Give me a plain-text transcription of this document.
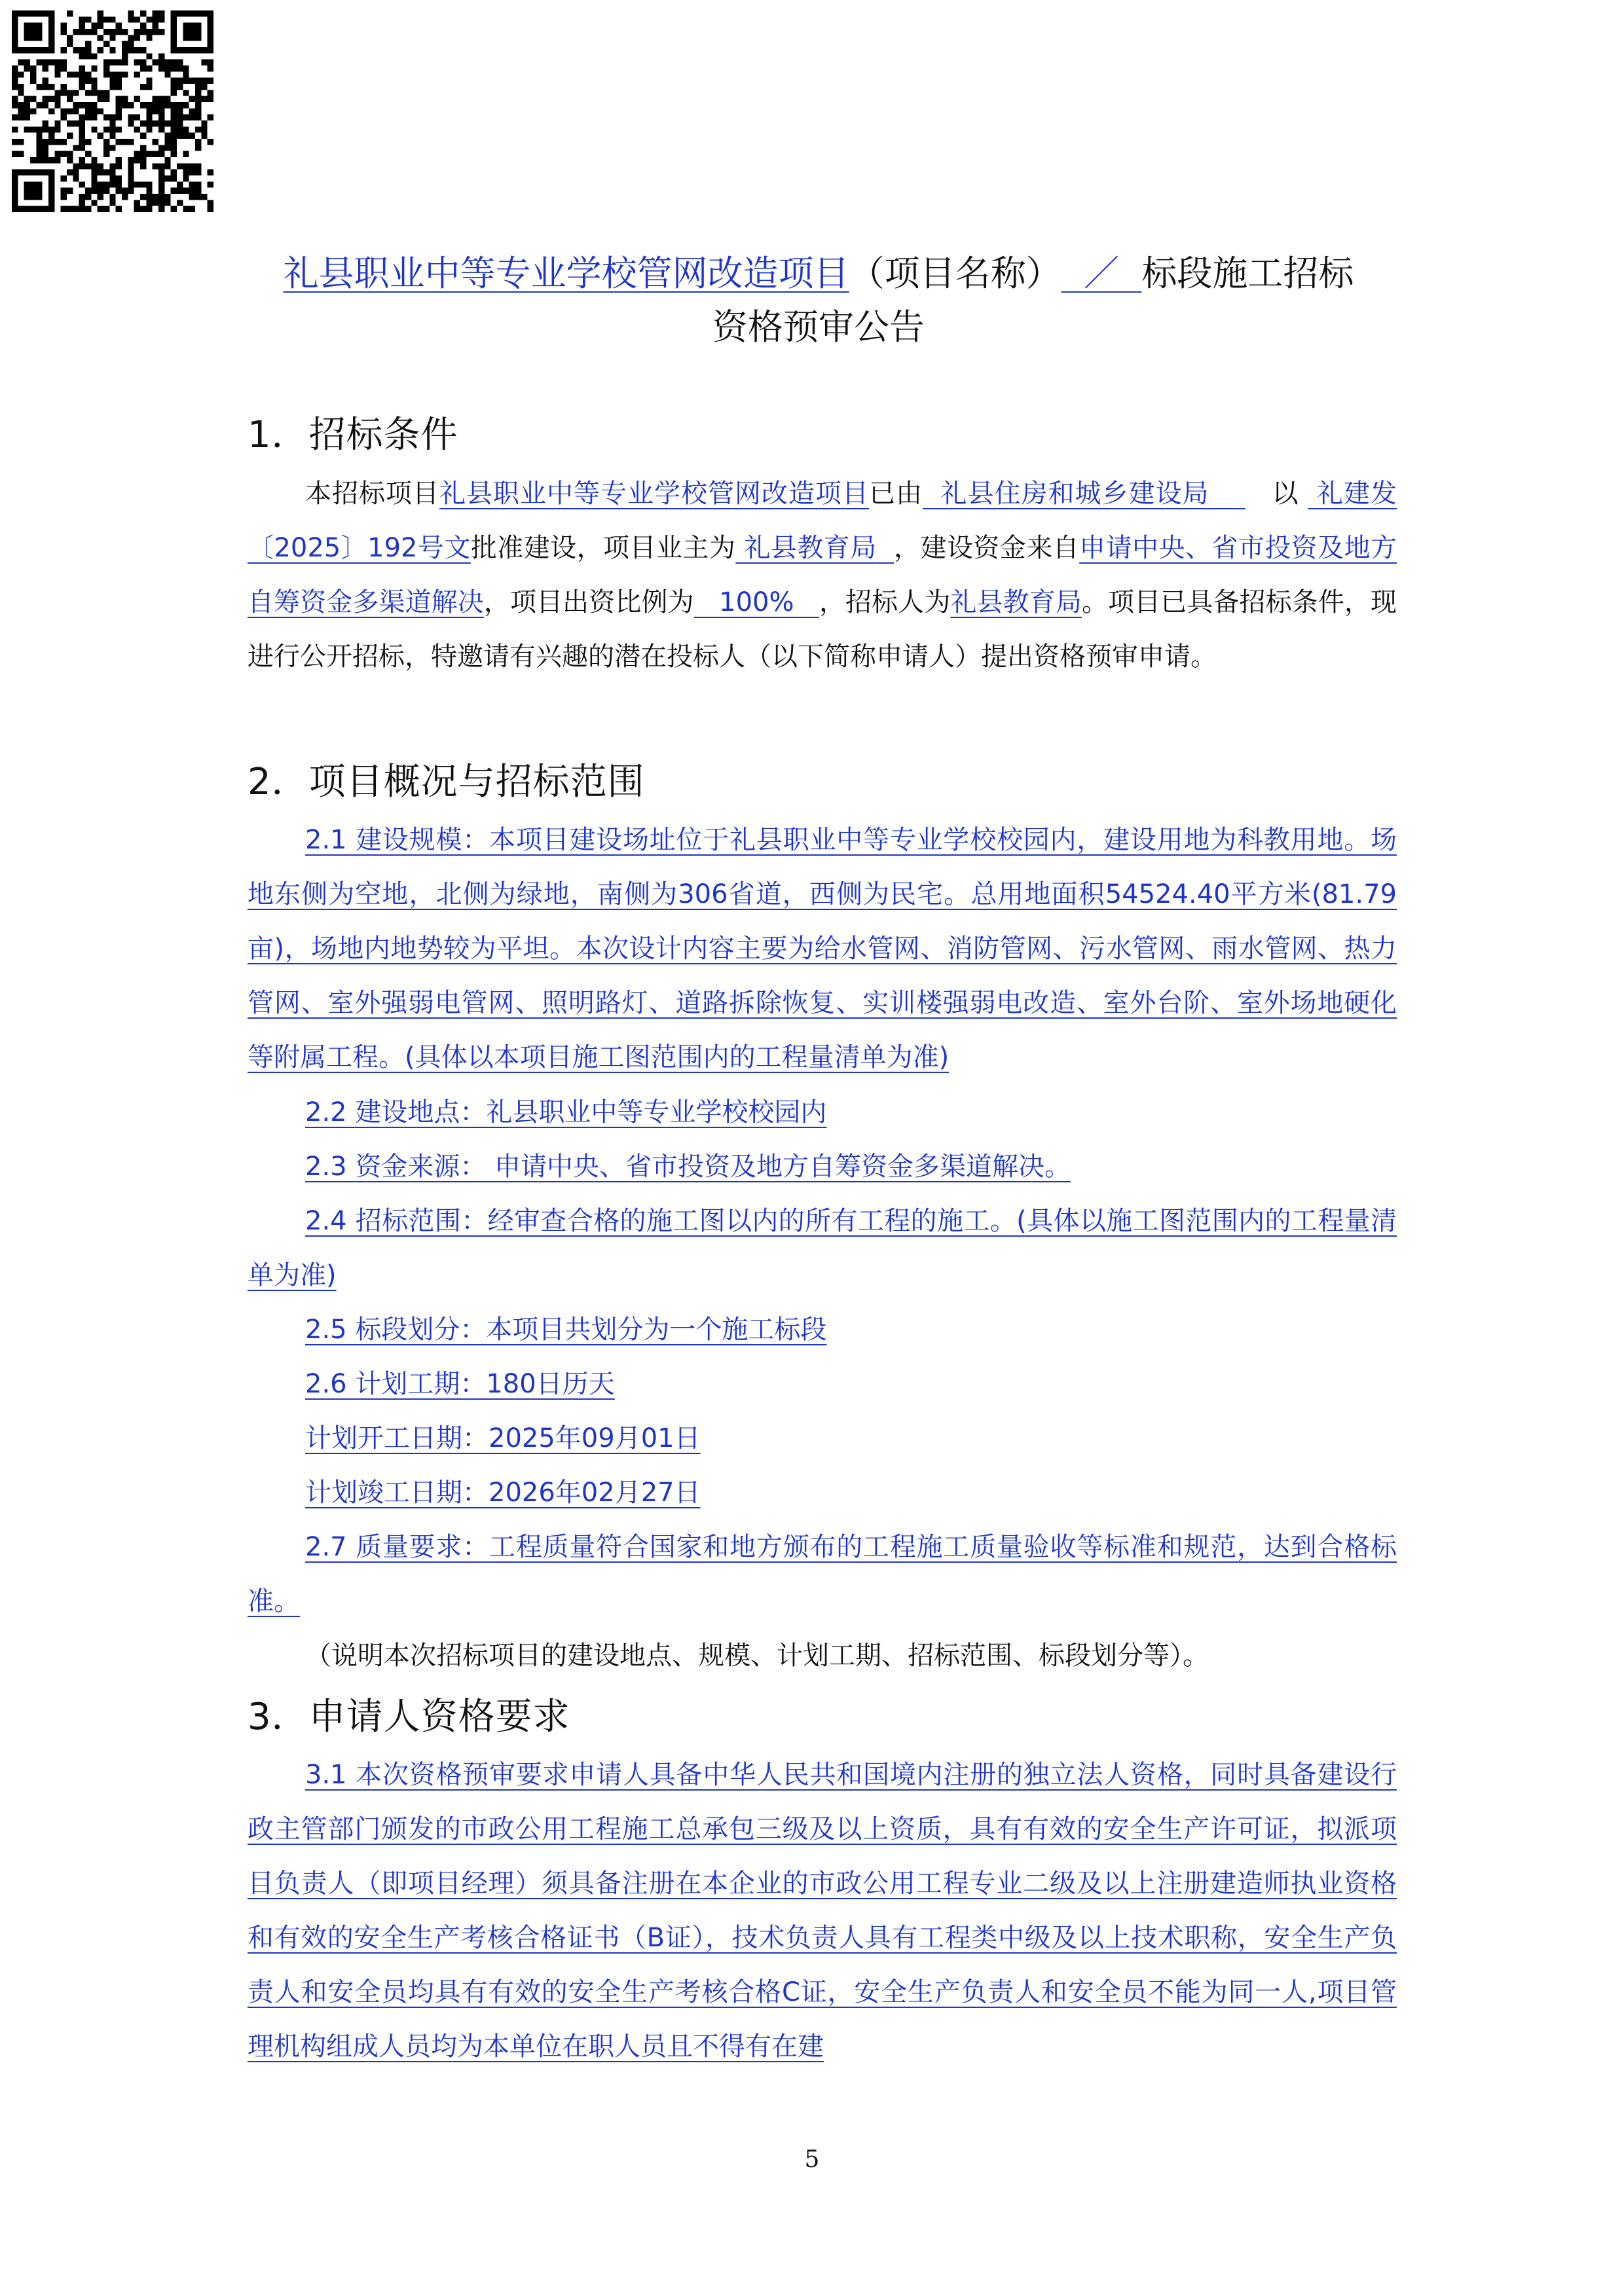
礼县职业中等专业学校管网改造项目（项目名称） ／ 标段施工招标
资格预审公告
1．招标条件
本招标项目礼县职业中等专业学校管网改造项目已由 礼县住房和城乡建设局 以 礼建发〔2025〕192号文批准建设，项目业主为 礼县教育局 ，建设资金来自申请中央、省市投资及地方自筹资金多渠道解决，项目出资比例为 100% ，招标人为礼县教育局。项目已具备招标条件，现进行公开招标，特邀请有兴趣的潜在投标人（以下简称申请人）提出资格预审申请。
2．项目概况与招标范围
2.1 建设规模：本项目建设场址位于礼县职业中等专业学校校园内，建设用地为科教用地。场地东侧为空地，北侧为绿地，南侧为306省道，西侧为民宅。总用地面积54524.40平方米(81.79亩)，场地内地势较为平坦。本次设计内容主要为给水管网、消防管网、污水管网、雨水管网、热力管网、室外强弱电管网、照明路灯、道路拆除恢复、实训楼强弱电改造、室外台阶、室外场地硬化等附属工程。(具体以本项目施工图范围内的工程量清单为准)
2.2 建设地点：礼县职业中等专业学校校园内
2.3 资金来源： 申请中央、省市投资及地方自筹资金多渠道解决。
2.4 招标范围：经审查合格的施工图以内的所有工程的施工。(具体以施工图范围内的工程量清单为准)
2.5 标段划分：本项目共划分为一个施工标段
2.6 计划工期：180日历天
计划开工日期：2025年09月01日
计划竣工日期：2026年02月27日
2.7 质量要求：工程质量符合国家和地方颁布的工程施工质量验收等标准和规范，达到合格标准。
（说明本次招标项目的建设地点、规模、计划工期、招标范围、标段划分等）。
3．申请人资格要求
3.1 本次资格预审要求申请人具备中华人民共和国境内注册的独立法人资格，同时具备建设行政主管部门颁发的市政公用工程施工总承包三级及以上资质，具有有效的安全生产许可证，拟派项目负责人（即项目经理）须具备注册在本企业的市政公用工程专业二级及以上注册建造师执业资格和有效的安全生产考核合格证书（B证），技术负责人具有工程类中级及以上技术职称，安全生产负责人和安全员均具有有效的安全生产考核合格C证，安全生产负责人和安全员不能为同一人,项目管理机构组成人员均为本单位在职人员且不得有在建
5
